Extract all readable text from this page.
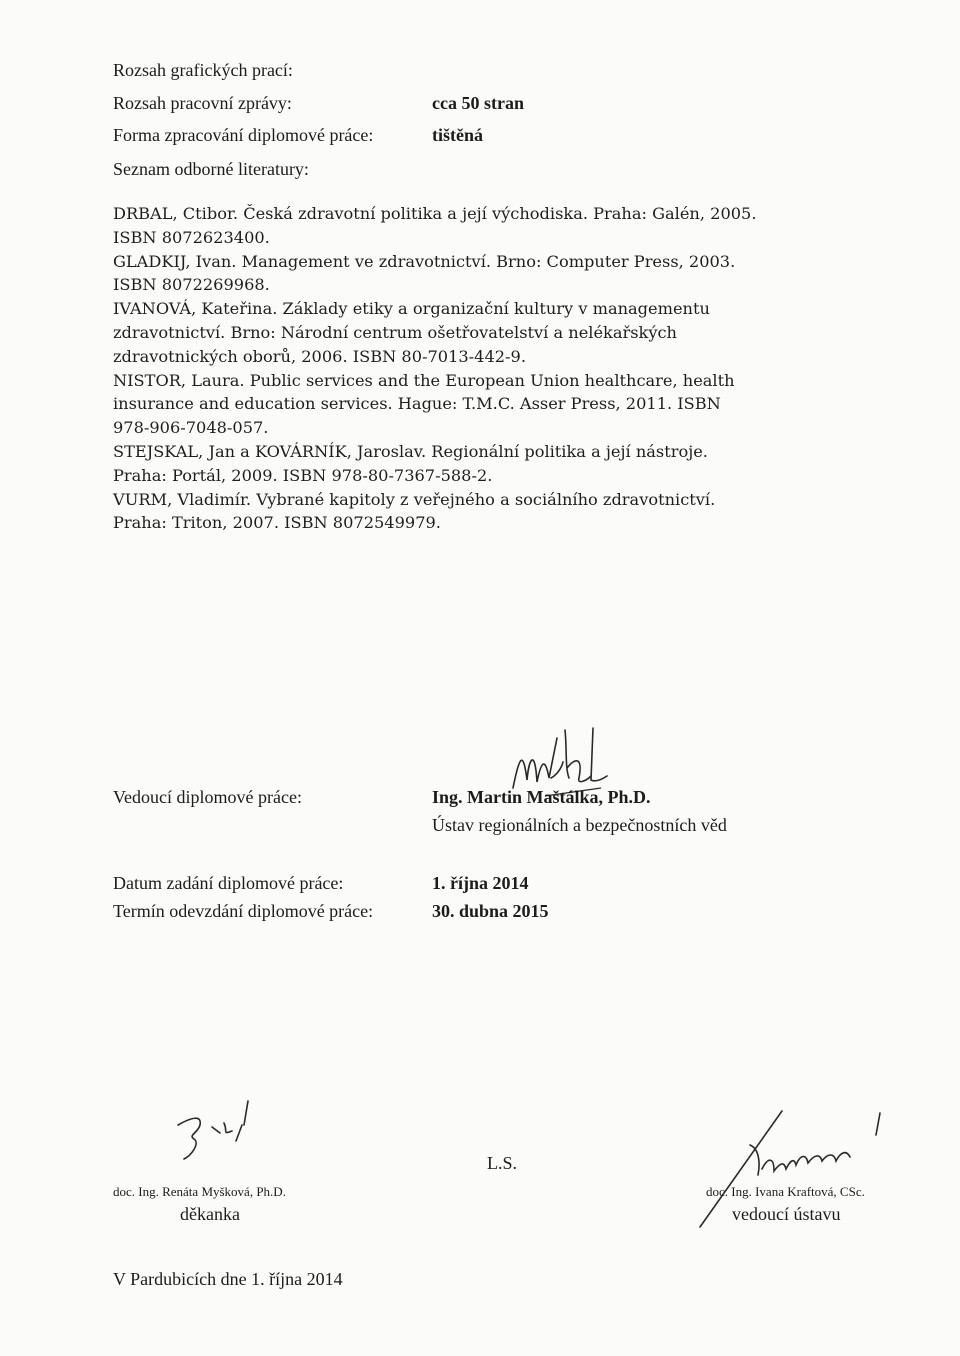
Rozsah grafických prací:
Rozsah pracovní zprávy:	cca 50 stran
Forma zpracování diplomové práce:	tištěná
Seznam odborné literatury:
DRBAL, Ctibor. Česká zdravotní politika a její východiska. Praha: Galén, 2005.
ISBN 8072623400.
GLADKIJ, Ivan. Management ve zdravotnictví. Brno: Computer Press, 2003.
ISBN 8072269968.
IVANOVÁ, Kateřina. Základy etiky a organizační kultury v managementu
zdravotnictví. Brno: Národní centrum ošetřovatelství a nelékařských
zdravotnických oborů, 2006. ISBN 80-7013-442-9.
NISTOR, Laura. Public services and the European Union healthcare, health
insurance and education services. Hague: T.M.C. Asser Press, 2011. ISBN
978-906-7048-057.
STEJSKAL, Jan a KOVÁRNÍK, Jaroslav. Regionální politika a její nástroje.
Praha: Portál, 2009. ISBN 978-80-7367-588-2.
VURM, Vladimír. Vybrané kapitoly z veřejného a sociálního zdravotnictví.
Praha: Triton, 2007. ISBN 8072549979.
Vedoucí diplomové práce:	Ing. Martin Maštálka, Ph.D.
Ústav regionálních a bezpečnostních věd
Datum zadání diplomové práce:	1. října 2014
Termín odevzdání diplomové práce:	30. dubna 2015
doc. Ing. Renáta Myšková, Ph.D.
děkanka
L.S.
doc. Ing. Ivana Kraftová, CSc.
vedoucí ústavu
V Pardubicích dne 1. října 2014
